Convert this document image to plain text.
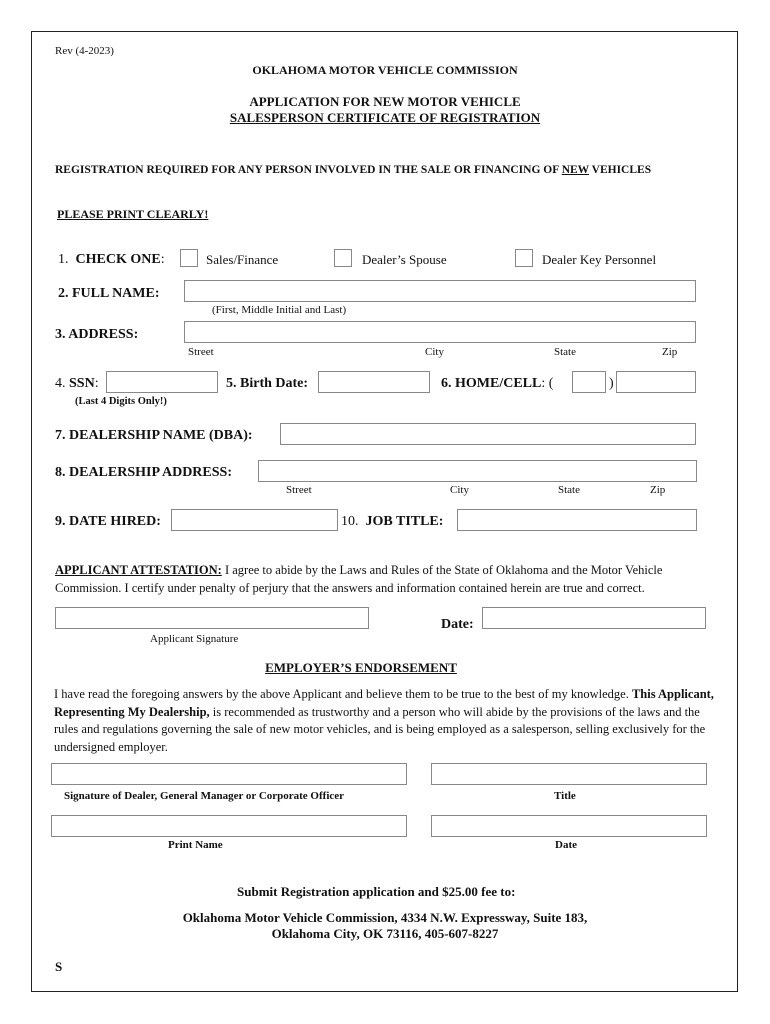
Rev (4-2023)
OKLAHOMA MOTOR VEHICLE COMMISSION
APPLICATION FOR NEW MOTOR VEHICLE
SALESPERSON CERTIFICATE OF REGISTRATION
REGISTRATION REQUIRED FOR ANY PERSON INVOLVED IN THE SALE OR FINANCING OF NEW VEHICLES
PLEASE PRINT CLEARLY!
1. CHECK ONE:	Sales/Finance	Dealer’s Spouse	Dealer Key Personnel
2. FULL NAME:
(First, Middle Initial and Last)
3. ADDRESS:
Street	City	State	Zip
4. SSN:
(Last 4 Digits Only!)
5. Birth Date:	6. HOME/CELL: (	)
7. DEALERSHIP NAME (DBA):
8. DEALERSHIP ADDRESS:
Street	City	State	Zip
9. DATE HIRED:	10. JOB TITLE:
APPLICANT ATTESTATION: I agree to abide by the Laws and Rules of the State of Oklahoma and the Motor Vehicle Commission. I certify under penalty of perjury that the answers and information contained herein are true and correct.
Applicant Signature
Date:
EMPLOYER’S ENDORSEMENT
I have read the foregoing answers by the above Applicant and believe them to be true to the best of my knowledge. This Applicant, Representing My Dealership, is recommended as trustworthy and a person who will abide by the provisions of the laws and the rules and regulations governing the sale of new motor vehicles, and is being employed as a salesperson, selling exclusively for the undersigned employer.
Signature of Dealer, General Manager or Corporate Officer	Title
Print Name	Date
Submit Registration application and $25.00 fee to:
Oklahoma Motor Vehicle Commission, 4334 N.W. Expressway, Suite 183,
Oklahoma City, OK 73116, 405-607-8227
S
